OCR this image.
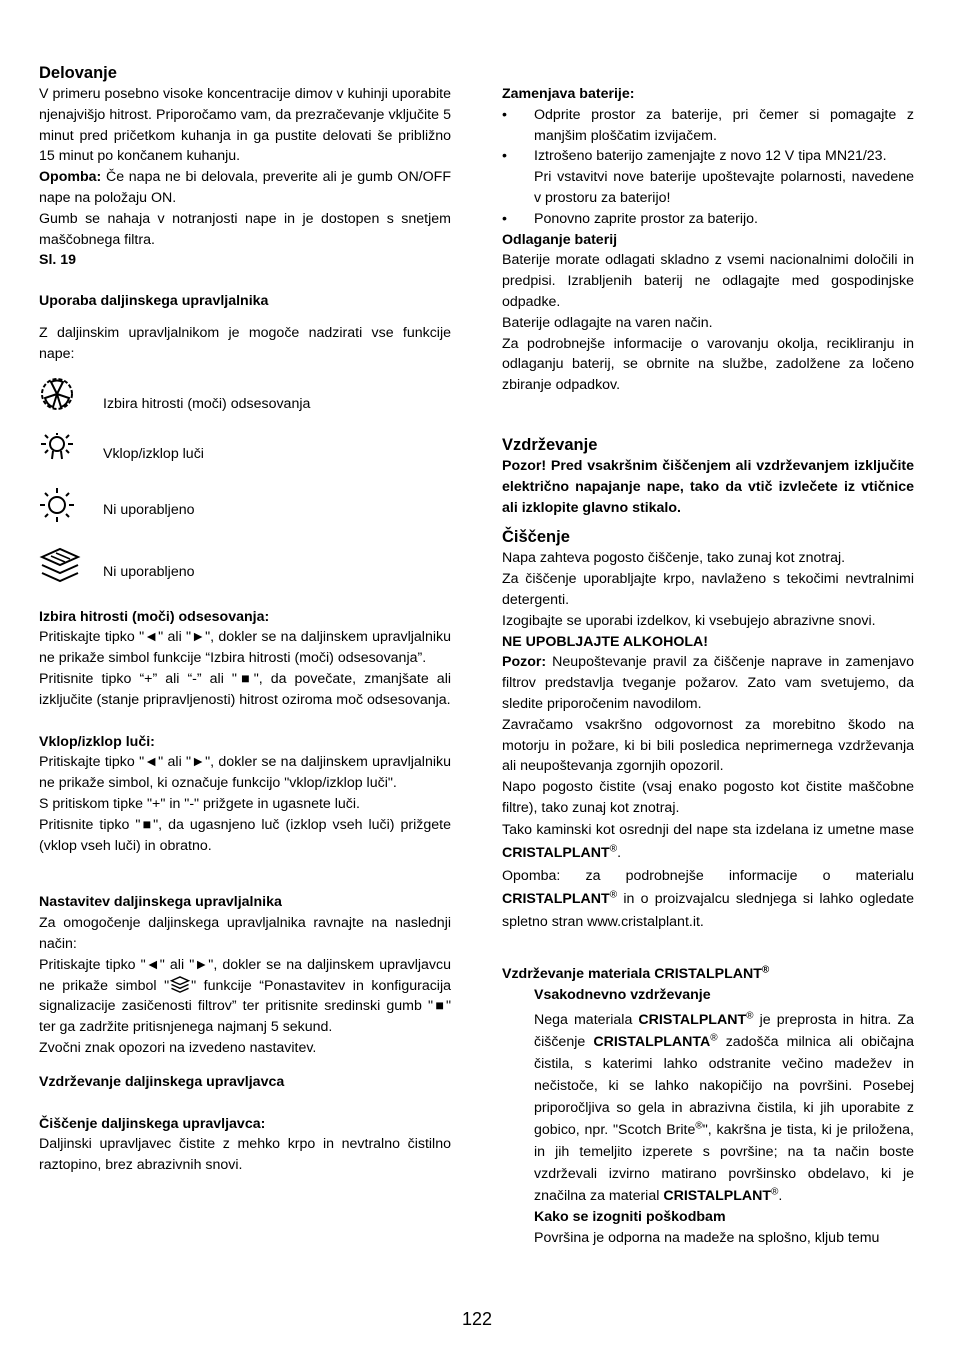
Delovanje

V primeru posebno visoke koncentracije dimov v kuhinji uporabite njenajvišjo hitrost. Priporočamo vam, da prezračevanje vključite 5 minut pred pričetkom kuhanja in ga pustite delovati še približno 15 minut po končanem kuhanju.

Opomba: Če napa ne bi delovala, preverite ali je gumb ON/OFF nape na položaju ON.

Gumb se nahaja v notranjosti nape in je dostopen s snetjem maščobnega filtra.

Sl. 19
Uporaba daljinskega upravljalnika

Z daljinskim upravljalnikom je mogoče nadzirati vse funkcije nape:

Izbira hitrosti (moči) odsesovanja
Vklop/izklop luči
Ni uporabljeno
Ni uporabljeno
Izbira hitrosti (moči) odsesovanja:

Pritiskajte tipko "◄" ali "►", dokler se na daljinskem upravljalniku ne prikaže simbol funkcije “Izbira hitrosti (moči) odsesovanja”.

Pritisnite tipko “+” ali “-” ali "■", da povečate, zmanjšate ali izključite (stanje pripravljenosti) hitrost oziroma moč odsesovanja.

Vklop/izklop luči:

Pritiskajte tipko "◄" ali "►", dokler se na daljinskem upravljalniku ne prikaže simbol, ki označuje funkcijo "vklop/izklop luči".

S pritiskom tipke "+" in "-" prižgete in ugasnete luči.

Pritisnite tipko "■", da ugasnjeno luč (izklop vseh luči) prižgete (vklop vseh luči) in obratno.

Nastavitev daljinskega upravljalnika

Za omogočenje daljinskega upravljalnika ravnajte na naslednji način:

Pritiskajte tipko "◄" ali "►", dokler se na daljinskem upravljavcu ne prikaže simbol " " funkcije “Ponastavitev in konfiguracija signalizacije zasičenosti filtrov” ter pritisnite sredinski gumb "■" ter ga zadržite pritisnjenega najmanj 5 sekund.

Zvočni znak opozori na izvedeno nastavitev.

Vzdrževanje daljinskega upravljavca
Čiščenje daljinskega upravljavca:

Daljinski upravljavec čistite z mehko krpo in nevtralno čistilno raztopino, brez abrazivnih snovi.

Zamenjava baterije:
•	Odprite prostor za baterije, pri čemer si pomagajte z manjšim ploščatim izvijačem.

•	Iztrošeno baterijo zamenjajte z novo 12 V tipa MN21/23.

Pri vstavitvi nove baterije upoštevajte polarnosti, navedene v prostoru za baterijo!

•	Ponovno zaprite prostor za baterijo.

Odlaganje baterij

Baterije morate odlagati skladno z vsemi nacionalnimi določili in predpisi. Izrabljenih baterij ne odlagajte med gospodinjske odpadke.

Baterije odlagajte na varen način.

Za podrobnejše informacije o varovanju okolja, recikliranju in odlaganju baterij, se obrnite na službe, zadolžene za ločeno zbiranje odpadkov.

Vzdrževanje

Pozor! Pred vsakršnim čiščenjem ali vzdrževanjem izključite električno napajanje nape, tako da vtič izvlečete iz vtičnice ali izklopite glavno stikalo.

Čiščenje

Napa zahteva pogosto čiščenje, tako zunaj kot znotraj.

Za čiščenje uporabljajte krpo, navlaženo s tekočimi nevtralnimi detergenti.

Izogibajte se uporabi izdelkov, ki vsebujejo abrazivne snovi.

NE UPOBLJAJTE ALKOHOLA!

Pozor: Neupoštevanje pravil za čiščenje naprave in zamenjavo filtrov predstavlja tveganje požarov. Zato vam svetujemo, da sledite priporočenim navodilom.

Zavračamo vsakršno odgovornost za morebitno škodo na motorju in požare, ki bi bili posledica neprimernega vzdrževanja ali neupoštevanja zgornjih opozoril.

Napo pogosto čistite (vsaj enako pogosto kot čistite maščobne filtre), tako zunaj kot znotraj.

Tako kaminski kot osrednji del nape sta izdelana iz umetne mase CRISTALPLANT®.

Opomba: za podrobnejše informacije o materialu CRISTALPLANT® in o proizvajalcu slednjega si lahko ogledate spletno stran www.cristalplant.it.

Vzdrževanje materiala CRISTALPLANT®
Vsakodnevno vzdrževanje

Nega materiala CRISTALPLANT® je preprosta in hitra. Za čiščenje CRISTALPLANTA® zadošča milnica ali običajna čistila, s katerimi lahko odstranite večino madežev in nečistoče, ki se lahko nakopičijo na površini. Posebej priporočljiva so gela in abrazivna čistila, ki jih uporabite z gobico, npr. "Scotch Brite®", kakršna je tista, ki je priložena, in jih temeljito izperete s površine; na ta način boste vzdrževali izvirno matirano površinsko obdelavo, ki je značilna za material CRISTALPLANT®.

Kako se izogniti poškodbam

Površina je odporna na madeže na splošno, kljub temu

122
